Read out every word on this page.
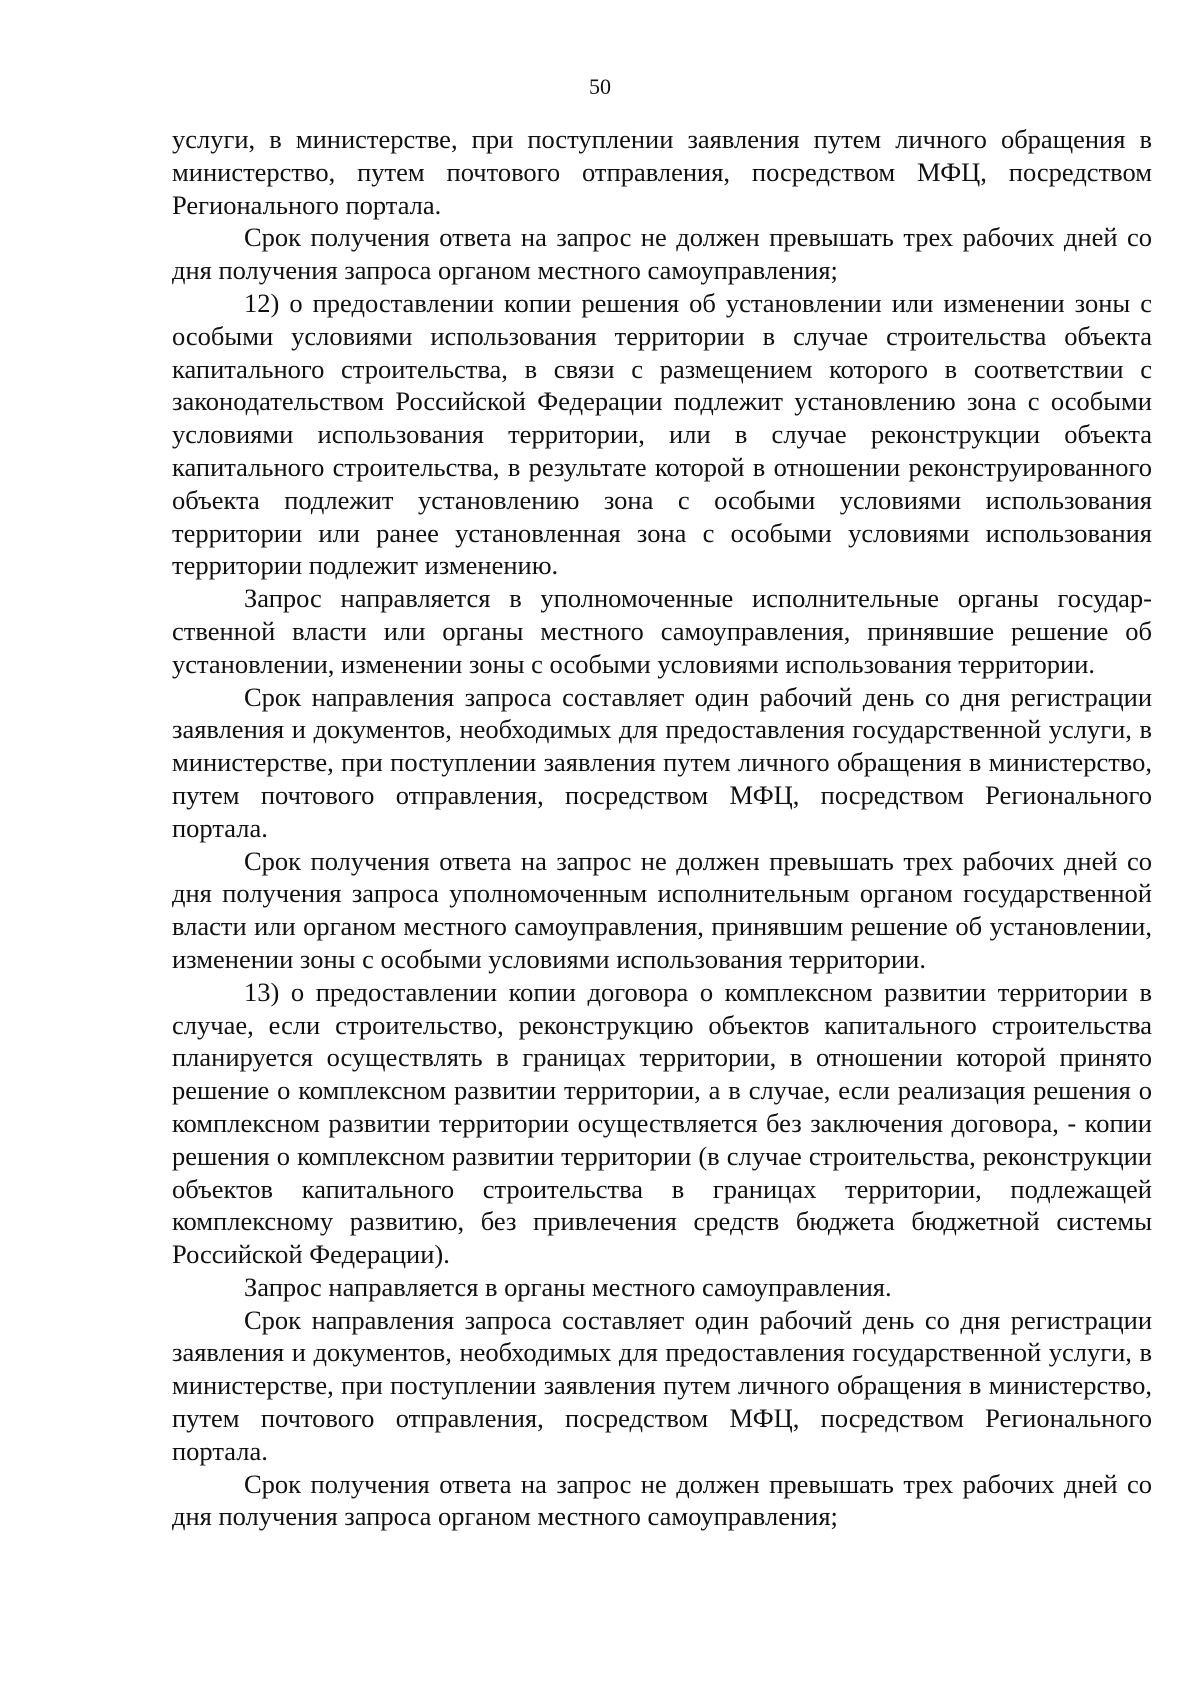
50

услуги, в министерстве, при поступлении заявления путем личного обращения в министерство, путем почтового отправления, посредством МФЦ, посредством Регионального портала.

Срок получения ответа на запрос не должен превышать трех рабочих дней со дня получения запроса органом местного самоуправления;

12) о предоставлении копии решения об установлении или изменении зоны с особыми условиями использования территории в случае строительства объекта капитального строительства, в связи с размещением которого в соответствии с законодательством Российской Федерации подлежит установлению зона с особыми условиями использования территории, или в случае реконструкции объекта капитального строительства, в результате которой в отношении реконструированного объекта подлежит установлению зона с особыми условиями использования территории или ранее установленная зона с особыми условиями использования территории подлежит изменению.

Запрос направляется в уполномоченные исполнительные органы государственной власти или органы местного самоуправления, принявшие решение об установлении, изменении зоны с особыми условиями использования территории.

Срок направления запроса составляет один рабочий день со дня регистрации заявления и документов, необходимых для предоставления государственной услуги, в министерстве, при поступлении заявления путем личного обращения в министерство, путем почтового отправления, посредством МФЦ, посредством Регионального портала.

Срок получения ответа на запрос не должен превышать трех рабочих дней со дня получения запроса уполномоченным исполнительным органом государственной власти или органом местного самоуправления, принявшим решение об установлении, изменении зоны с особыми условиями использования территории.

13) о предоставлении копии договора о комплексном развитии территории в случае, если строительство, реконструкцию объектов капитального строительства планируется осуществлять в границах территории, в отношении которой принято решение о комплексном развитии территории, а в случае, если реализация решения о комплексном развитии территории осуществляется без заключения договора, - копии решения о комплексном развитии территории (в случае строительства, реконструкции объектов капитального строительства в границах территории, подлежащей комплексному развитию, без привлечения средств бюджета бюджетной системы Российской Федерации).

Запрос направляется в органы местного самоуправления.

Срок направления запроса составляет один рабочий день со дня регистрации заявления и документов, необходимых для предоставления государственной услуги, в министерстве, при поступлении заявления путем личного обращения в министерство, путем почтового отправления, посредством МФЦ, посредством Регионального портала.

Срок получения ответа на запрос не должен превышать трех рабочих дней со дня получения запроса органом местного самоуправления;
